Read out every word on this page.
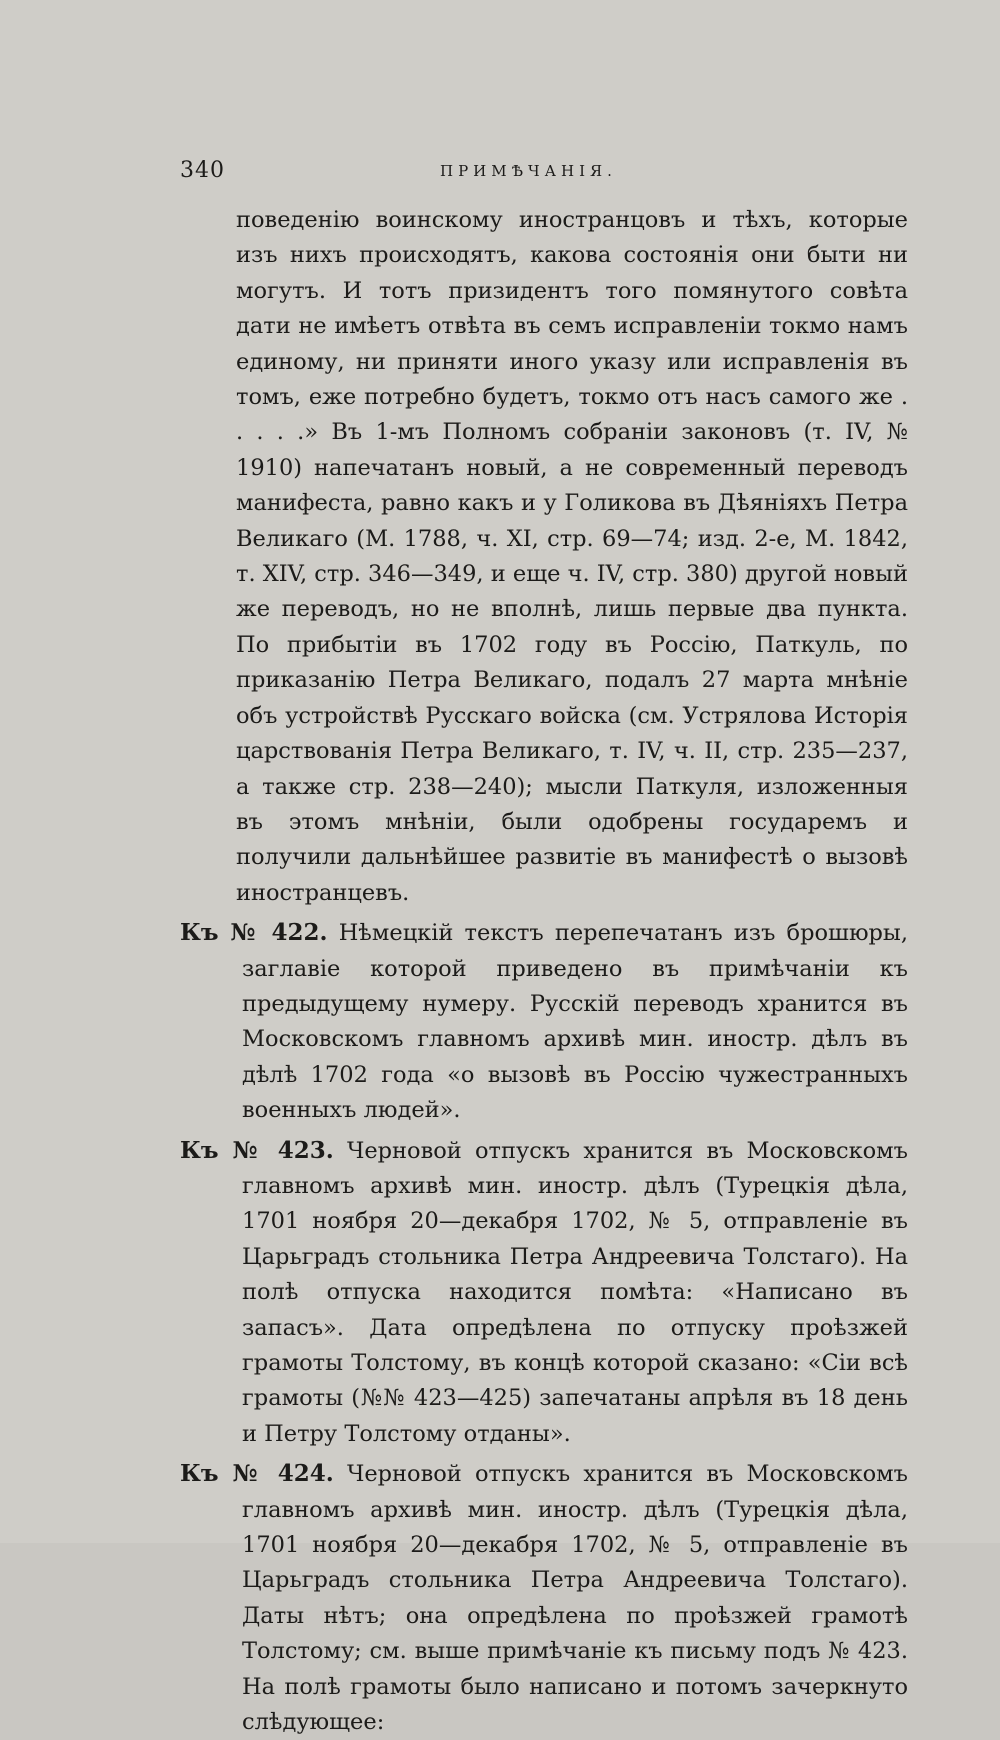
340	ПРИМѢЧАНІЯ.

поведенію воинскому иностранцовъ и тѣхъ, которые изъ нихъ происходятъ, какова состоянія они быти ни могутъ. И тотъ призидентъ того помянутого совѣта дати не имѣетъ отвѣта въ семъ исправленіи токмо намъ единому, ни приняти иного указу или исправленія въ томъ, еже потребно будетъ, токмо отъ насъ самого же . . . . .» Въ 1-мъ Полномъ собраніи законовъ (т. IV, № 1910) напечатанъ новый, а не современный переводъ манифеста, равно какъ и у Голикова въ Дѣяніяхъ Петра Великаго (М. 1788, ч. XI, стр. 69—74; изд. 2-е, М. 1842, т. XIV, стр. 346—349, и еще ч. IV, стр. 380) другой новый же переводъ, но не вполнѣ, лишь первые два пункта. По прибытіи въ 1702 году въ Россію, Паткуль, по приказанію Петра Великаго, подалъ 27 марта мнѣніе объ устройствѣ Русскаго войска (см. Устрялова Исторія царствованія Петра Великаго, т. IV, ч. II, стр. 235—237, а также стр. 238—240); мысли Паткуля, изложенныя въ этомъ мнѣніи, были одобрены государемъ и получили дальнѣйшее развитіе въ манифестѣ о вызовѣ иностранцевъ.

Къ № 422. Нѣмецкій текстъ перепечатанъ изъ брошюры, заглавіе которой приведено въ примѣчаніи къ предыдущему нумеру. Русскій переводъ хранится въ Московскомъ главномъ архивѣ мин. иностр. дѣлъ въ дѣлѣ 1702 года «о вызовѣ въ Россію чужестранныхъ военныхъ людей».

Къ № 423. Черновой отпускъ хранится въ Московскомъ главномъ архивѣ мин. иностр. дѣлъ (Турецкія дѣла, 1701 ноября 20—декабря 1702, № 5, отправленіе въ Царьградъ стольника Петра Андреевича Толстаго). На полѣ отпуска находится помѣта: «Написано въ запасъ». Дата опредѣлена по отпуску проѣзжей грамоты Толстому, въ концѣ которой сказано: «Сіи всѣ грамоты (№№ 423—425) запечатаны апрѣля въ 18 день и Петру Толстому отданы».

Къ № 424. Черновой отпускъ хранится въ Московскомъ главномъ архивѣ мин. иностр. дѣлъ (Турецкія дѣла, 1701 ноября 20—декабря 1702, № 5, отправленіе въ Царьградъ стольника Петра Андреевича Толстаго). Даты нѣтъ; она опредѣлена по проѣзжей грамотѣ Толстому; см. выше примѣчаніе къ письму подъ № 423. На полѣ грамоты было написано и потомъ зачеркнуто слѣдующее:
